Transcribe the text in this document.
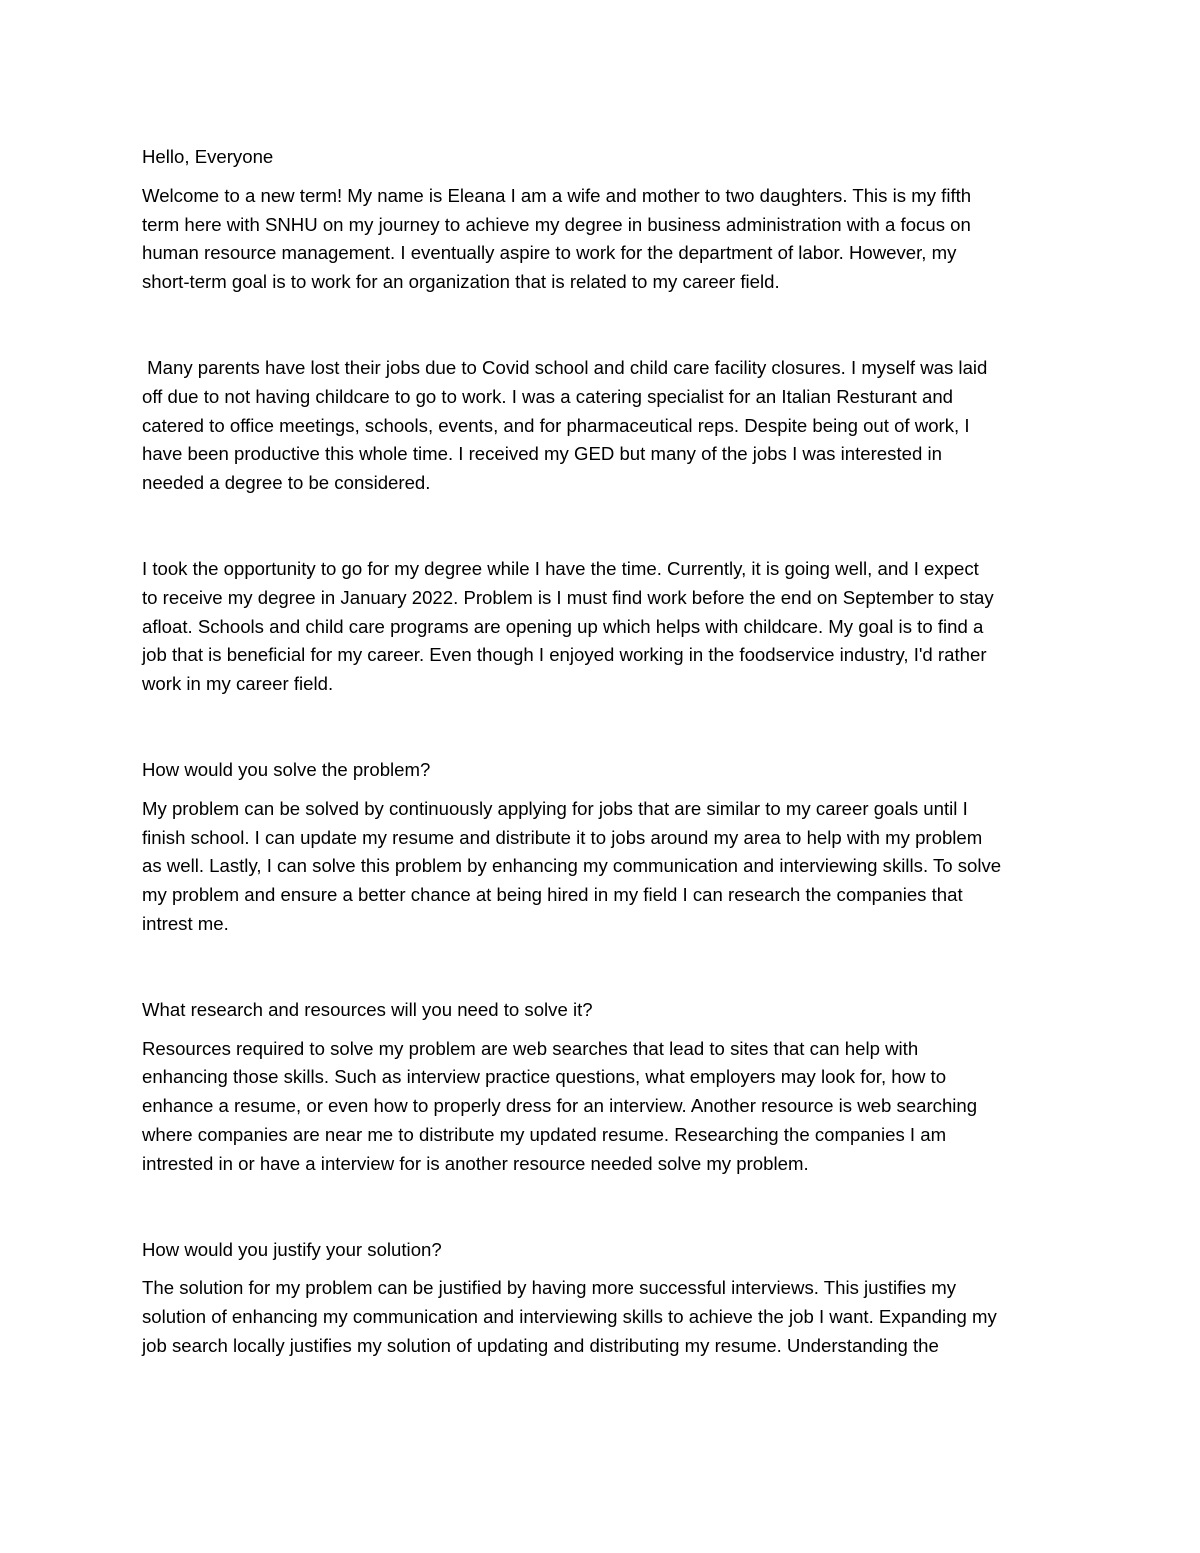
Hello, Everyone

Welcome to a new term! My name is Eleana I am a wife and mother to two daughters. This is my fifth
term here with SNHU on my journey to achieve my degree in business administration with a focus on
human resource management. I eventually aspire to work for the department of labor. However, my
short-term goal is to work for an organization that is related to my career field.

Many parents have lost their jobs due to Covid school and child care facility closures. I myself was laid
off due to not having childcare to go to work. I was a catering specialist for an Italian Resturant and
catered to office meetings, schools, events, and for pharmaceutical reps. Despite being out of work, I
have been productive this whole time. I received my GED but many of the jobs I was interested in
needed a degree to be considered.

I took the opportunity to go for my degree while I have the time. Currently, it is going well, and I expect
to receive my degree in January 2022. Problem is I must find work before the end on September to stay
afloat. Schools and child care programs are opening up which helps with childcare. My goal is to find a
job that is beneficial for my career. Even though I enjoyed working in the foodservice industry, I'd rather
work in my career field.

How would you solve the problem?

My problem can be solved by continuously applying for jobs that are similar to my career goals until I
finish school. I can update my resume and distribute it to jobs around my area to help with my problem
as well. Lastly, I can solve this problem by enhancing my communication and interviewing skills. To solve
my problem and ensure a better chance at being hired in my field I can research the companies that
intrest me.

What research and resources will you need to solve it?

Resources required to solve my problem are web searches that lead to sites that can help with
enhancing those skills. Such as interview practice questions, what employers may look for, how to
enhance a resume, or even how to properly dress for an interview. Another resource is web searching
where companies are near me to distribute my updated resume. Researching the companies I am
intrested in or have a interview for is another resource needed solve my problem.

How would you justify your solution?

The solution for my problem can be justified by having more successful interviews. This justifies my
solution of enhancing my communication and interviewing skills to achieve the job I want. Expanding my
job search locally justifies my solution of updating and distributing my resume. Understanding the
